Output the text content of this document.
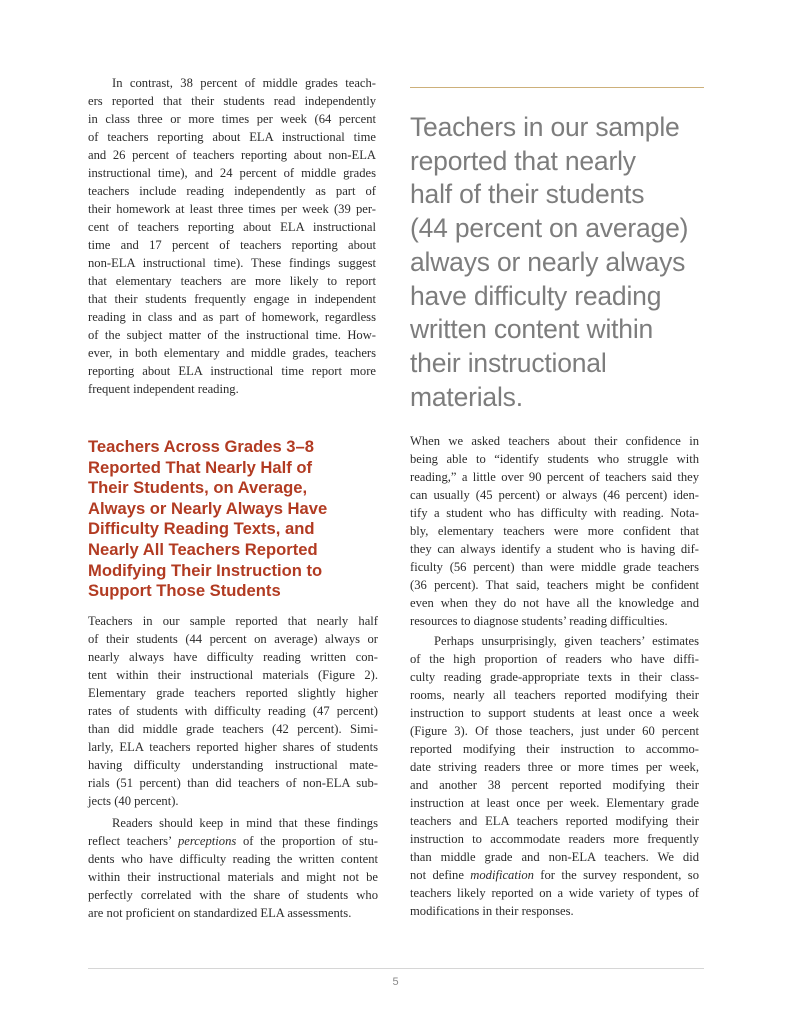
In contrast, 38 percent of middle grades teach-
ers reported that their students read independently
in class three or more times per week (64 percent
of teachers reporting about ELA instructional time
and 26 percent of teachers reporting about non-ELA
instructional time), and 24 percent of middle grades
teachers include reading independently as part of
their homework at least three times per week (39 per-
cent of teachers reporting about ELA instructional
time and 17 percent of teachers reporting about
non-ELA instructional time). These findings suggest
that elementary teachers are more likely to report
that their students frequently engage in independent
reading in class and as part of homework, regardless
of the subject matter of the instructional time. How-
ever, in both elementary and middle grades, teachers
reporting about ELA instructional time report more
frequent independent reading.
Teachers Across Grades 3–8
Reported That Nearly Half of
Their Students, on Average,
Always or Nearly Always Have
Difficulty Reading Texts, and
Nearly All Teachers Reported
Modifying Their Instruction to
Support Those Students
Teachers in our sample reported that nearly half
of their students (44 percent on average) always or
nearly always have difficulty reading written con-
tent within their instructional materials (Figure 2).
Elementary grade teachers reported slightly higher
rates of students with difficulty reading (47 percent)
than did middle grade teachers (42 percent). Simi-
larly, ELA teachers reported higher shares of students
having difficulty understanding instructional mate-
rials (51 percent) than did teachers of non-ELA sub-
jects (40 percent).
Readers should keep in mind that these findings
reflect teachers’ perceptions of the proportion of stu-
dents who have difficulty reading the written content
within their instructional materials and might not be
perfectly correlated with the share of students who
are not proficient on standardized ELA assessments.
Teachers in our sample
reported that nearly
half of their students
(44 percent on average)
always or nearly always
have difficulty reading
written content within
their instructional
materials.
When we asked teachers about their confidence in
being able to “identify students who struggle with
reading,” a little over 90 percent of teachers said they
can usually (45 percent) or always (46 percent) iden-
tify a student who has difficulty with reading. Nota-
bly, elementary teachers were more confident that
they can always identify a student who is having dif-
ficulty (56 percent) than were middle grade teachers
(36 percent). That said, teachers might be confident
even when they do not have all the knowledge and
resources to diagnose students’ reading difficulties.
Perhaps unsurprisingly, given teachers’ estimates
of the high proportion of readers who have diffi-
culty reading grade-appropriate texts in their class-
rooms, nearly all teachers reported modifying their
instruction to support students at least once a week
(Figure 3). Of those teachers, just under 60 percent
reported modifying their instruction to accommo-
date striving readers three or more times per week,
and another 38 percent reported modifying their
instruction at least once per week. Elementary grade
teachers and ELA teachers reported modifying their
instruction to accommodate readers more frequently
than middle grade and non-ELA teachers. We did
not define modification for the survey respondent, so
teachers likely reported on a wide variety of types of
modifications in their responses.
5
